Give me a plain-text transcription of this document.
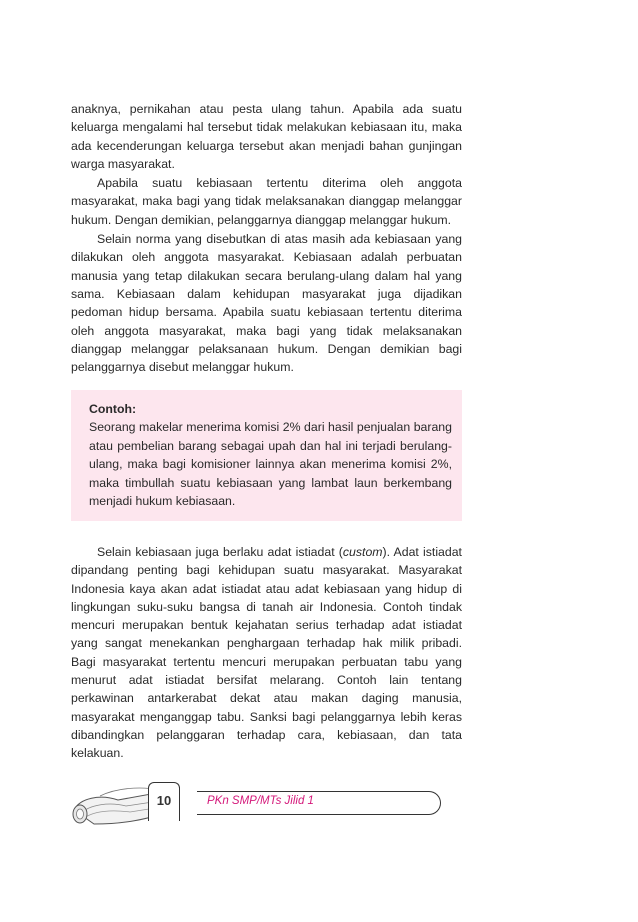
anaknya, pernikahan atau pesta ulang tahun. Apabila ada suatu keluarga mengalami hal tersebut tidak melakukan kebiasaan itu, maka ada kecenderungan keluarga tersebut akan menjadi bahan gunjingan warga masyarakat.

Apabila suatu kebiasaan tertentu diterima oleh anggota masyarakat, maka bagi yang tidak melaksanakan dianggap melanggar hukum. Dengan demikian, pelanggarnya dianggap melanggar hukum.

Selain norma yang disebutkan di atas masih ada kebiasaan yang dilakukan oleh anggota masyarakat. Kebiasaan adalah perbuatan manusia yang tetap dilakukan secara berulang-ulang dalam hal yang sama. Kebiasaan dalam kehidupan masyarakat juga dijadikan pedoman hidup bersama. Apabila suatu kebiasaan tertentu diterima oleh anggota masyarakat, maka bagi yang tidak melaksanakan dianggap melanggar pelaksanaan hukum. Dengan demikian bagi pelanggarnya disebut melanggar hukum.

Contoh:

Seorang makelar menerima komisi 2% dari hasil penjualan barang atau pembelian barang sebagai upah dan hal ini terjadi berulang-ulang, maka bagi komisioner lainnya akan menerima komisi 2%, maka timbullah suatu kebiasaan yang lambat laun berkembang menjadi hukum kebiasaan.

Selain kebiasaan juga berlaku adat istiadat (custom). Adat istiadat dipandang penting bagi kehidupan suatu masyarakat. Masyarakat Indonesia kaya akan adat istiadat atau adat kebiasaan yang hidup di lingkungan suku-suku bangsa di tanah air Indonesia. Contoh tindak mencuri merupakan bentuk kejahatan serius terhadap adat istiadat yang sangat menekankan penghargaan terhadap hak milik pribadi. Bagi masyarakat tertentu mencuri merupakan perbuatan tabu yang menurut adat istiadat bersifat melarang. Contoh lain tentang perkawinan antarkerabat dekat atau makan daging manusia, masyarakat menganggap tabu. Sanksi bagi pelanggarnya lebih keras dibandingkan pelanggaran terhadap cara, kebiasaan, dan tata kelakuan.

10	PKn SMP/MTs Jilid 1
